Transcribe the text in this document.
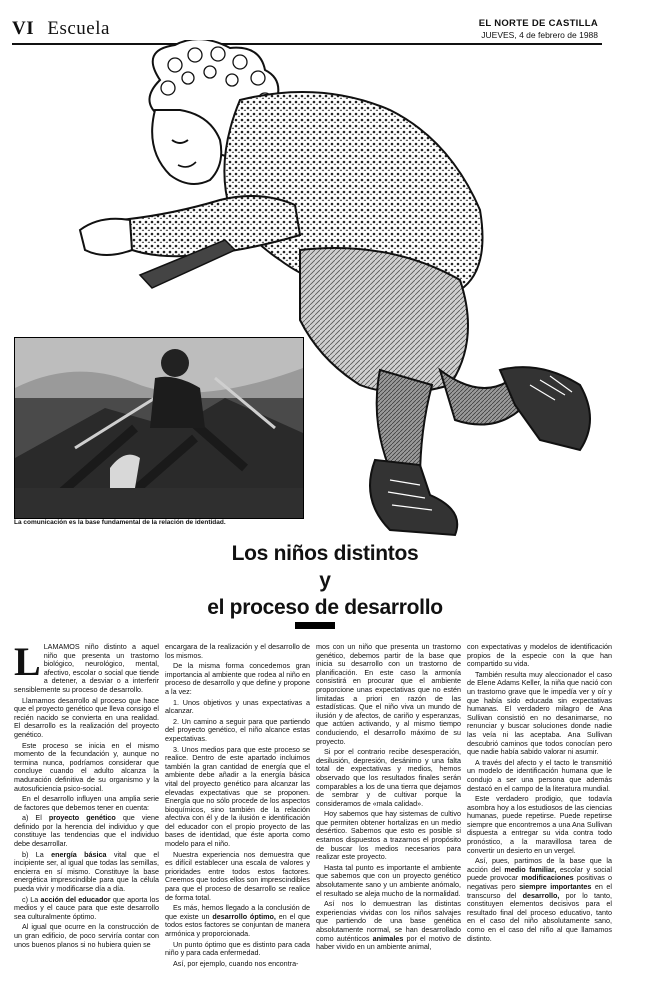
VI Escuela	EL NORTE DE CASTILLA
JUEVES, 4 de febrero de 1988
La comunicación es la base fundamental de la relación de identidad.
Los niños distintos
y
el proceso de desarrollo

LLAMAMOS niño distinto a aquel niño que presenta un trastorno biológico, neurológico, mental, afectivo, escolar o social que tiende a detener, a desviar o a interferir sensiblemente su proceso de desarrollo.

Llamamos desarrollo al proceso que hace que el proyecto genético que lleva consigo el recién nacido se convierta en una realidad. El desarrollo es la realización del proyecto genético.

Este proceso se inicia en el mismo momento de la fecundación y, aunque no termina nunca, podríamos considerar que concluye cuando el adulto alcanza la maduración definitiva de su organismo y la autosuficiencia psico-social.

En el desarrollo influyen una amplia serie de factores que debemos tener en cuenta:

a) El proyecto genético que viene definido por la herencia del individuo y que constituye las tendencias que el individuo debe desarrollar.

b) La energía básica vital que el incipiente ser, al igual que todas las semillas, encierra en sí mismo. Constituye la base energética imprescindible para que la célula pueda vivir y modificarse día a día.

c) La acción del educador que aporta los medios y el cauce para que este desarrollo sea culturalmente óptimo.

Al igual que ocurre en la construcción de un gran edificio, de poco serviría contar con unos buenos planos si no hubiera quien se

encargara de la realización y el desarrollo de los mismos.

De la misma forma concedemos gran importancia al ambiente que rodea al niño en proceso de desarrollo y que define y propone a la vez:

1. Unos objetivos y unas expectativas a alcanzar.

2. Un camino a seguir para que partiendo del proyecto genético, el niño alcance estas expectativas.

3. Unos medios para que este proceso se realice. Dentro de este apartado incluimos también la gran cantidad de energía que el ambiente debe añadir a la energía básica vital del proyecto genético para alcanzar las elevadas expectativas que se proponen. Energía que no sólo procede de los aspectos bioquímicos, sino también de la relación afectiva con él y de la ilusión e identificación del educador con el propio proyecto de las bases de identidad, que éste aporta como modelo para el niño.

Nuestra experiencia nos demuestra que es difícil establecer una escala de valores y prioridades entre todos estos factores. Creemos que todos ellos son imprescindibles para que el proceso de desarrollo se realice de forma total.

Es más, hemos llegado a la conclusión de que existe un desarrollo óptimo, en el que todos estos factores se conjuntan de manera armónica y proporcionada.

Un punto óptimo que es distinto para cada niño y para cada enfermedad.

Así, por ejemplo, cuando nos encontra-

mos con un niño que presenta un trastorno genético, debemos partir de la base que inicia su desarrollo con un trastorno de planificación. En este caso la armonía consistirá en procurar que el ambiente proporcione unas expectativas que no estén limitadas a priori en razón de las estadísticas. Que el niño viva un mundo de ilusión y de afectos, de cariño y esperanzas, que actúen activando, y al mismo tiempo conduciendo, el desarrollo máximo de su proyecto.

Si por el contrario recibe desesperación, desilusión, depresión, desánimo y una falta total de expectativas y medios, hemos observado que los resultados finales serán comparables a los de una tierra que dejamos de sembrar y de cultivar porque la consideramos de «mala calidad».

Hoy sabemos que hay sistemas de cultivo que permiten obtener hortalizas en un medio desértico. Sabemos que esto es posible si estamos dispuestos a trazarnos el propósito de buscar los medios necesarios para realizar este proyecto.

Hasta tal punto es importante el ambiente que sabemos que con un proyecto genético absolutamente sano y un ambiente anómalo, el resultado se aleja mucho de la normalidad.

Así nos lo demuestran las distintas experiencias vividas con los niños salvajes que partiendo de una base genética absolutamente normal, se han desarrollado como auténticos animales por el motivo de haber vivido en un ambiente animal,

con expectativas y modelos de identificación propios de la especie con la que han compartido su vida.

También resulta muy aleccionador el caso de Elene Adams Keller, la niña que nació con un trastorno grave que le impedía ver y oír y que había sido educada sin expectativas humanas. El verdadero milagro de Ana Sullivan consistió en no desanimarse, no renunciar y buscar soluciones donde nadie las veía ni las aceptaba. Ana Sullivan descubrió caminos que todos conocían pero que nadie había sabido valorar ni asumir.

A través del afecto y el tacto le transmitió un modelo de identificación humana que le condujo a ser una persona que además destacó en el campo de la literatura mundial.

Este verdadero prodigio, que todavía asombra hoy a los estudiosos de las ciencias humanas, puede repetirse. Puede repetirse siempre que encontremos a una Ana Sullivan dispuesta a entregar su vida contra todo pronóstico, a la maravillosa tarea de convertir un desierto en un vergel.

Así, pues, partimos de la base que la acción del medio familiar, escolar y social puede provocar modificaciones positivas o negativas pero siempre importantes en el transcurso del desarrollo, por lo tanto, constituyen elementos decisivos para el resultado final del proceso educativo, tanto en el caso del niño absolutamente sano, como en el caso del niño al que llamamos distinto.
